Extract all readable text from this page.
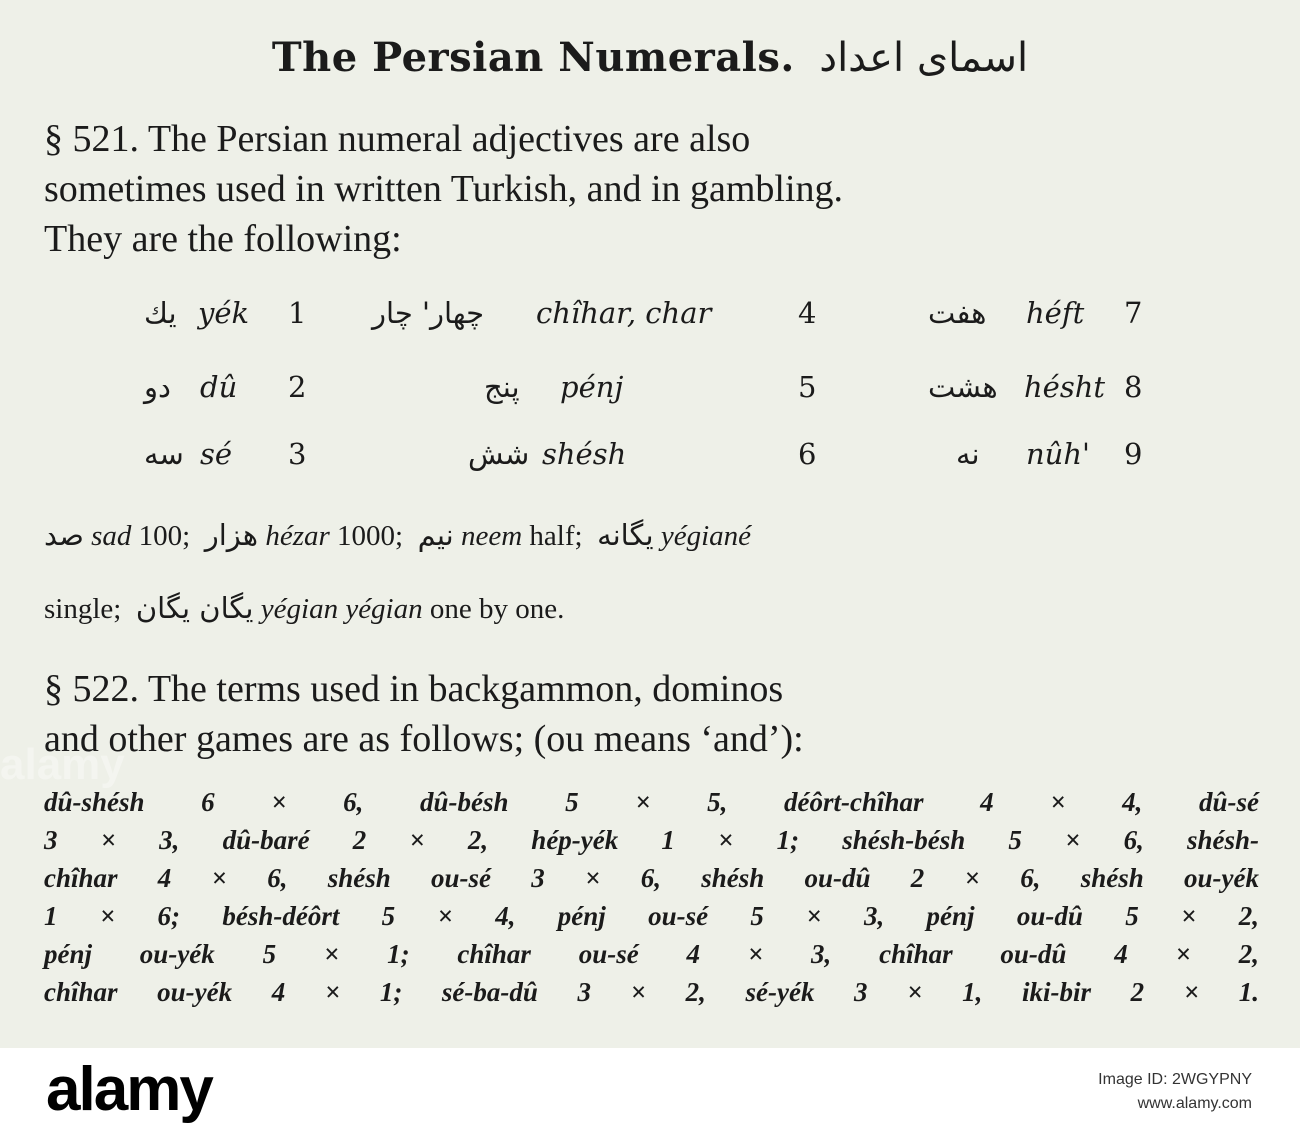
The Persian Numerals. اسمای اعداد
§ 521. The Persian numeral adjectives are also
sometimes used in written Turkish, and in gambling.
They are the following:
یك yék 1 چهار' چار chîhar, char	4	هفت héft 7
دو dû 2	پنج pénj	5	هشت hésht 8
سه sé 3	شش shésh	6	نه nûh' 9
صد sad 100; هزار hézar 1000; نیم neem half; یگانه yégiané
single; یگان یگان yégian yégian one by one.
§ 522. The terms used in backgammon, dominos
and other games are as follows; (ou means ‘and’):
dû-shésh 6 × 6, dû-bésh 5 × 5, déôrt-chîhar 4 × 4, dû-sé
3 × 3, dû-baré 2 × 2, hép-yék 1 × 1; shésh-bésh 5 × 6, shésh-
chîhar 4 × 6, shésh ou-sé 3 × 6, shésh ou-dû 2 × 6, shésh ou-yék
1 × 6; bésh-déôrt 5 × 4, pénj ou-sé 5 × 3, pénj ou-dû 5 × 2,
pénj ou-yék 5 × 1; chîhar ou-sé 4 × 3, chîhar ou-dû 4 × 2,
chîhar ou-yék 4 × 1; sé-ba-dû 3 × 2, sé-yék 3 × 1, iki-bir 2 × 1.
alamy
alamy	Image ID: 2WGYPNY
www.alamy.com
